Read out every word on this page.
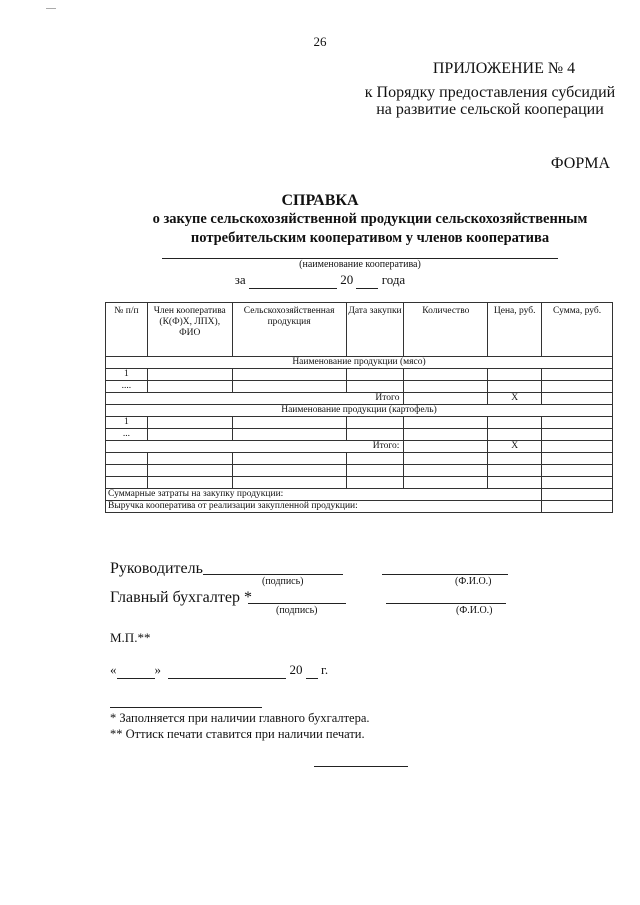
26
ПРИЛОЖЕНИЕ № 4
к Порядку предоставления субсидий
на развитие сельской кооперации
ФОРМА
СПРАВКА
о закупе сельскохозяйственной продукции сельскохозяйственным
потребительским кооперативом у членов кооператива
(наименование кооператива)
за	20 года
№ п/п	Член кооператива (К(Ф)Х, ЛПХ), ФИО	Сельскохозяйственная продукция	Дата закупки	Количество	Цена, руб.	Сумма, руб.
Наименование продукции (мясо)						
1						
....						
Итого					Х	
Наименование продукции (картофель)						
1						
...						
Итого:					Х	

Суммарные затраты на закупку продукции:						
Выручка кооператива от реализации закупленной продукции:						
Руководитель
(подпись)	(Ф.И.О.)
Главный бухгалтер *
(подпись)	(Ф.И.О.)
М.П.**
«	»	20 г.
* Заполняется при наличии главного бухгалтера.
** Оттиск печати ставится при наличии печати.
